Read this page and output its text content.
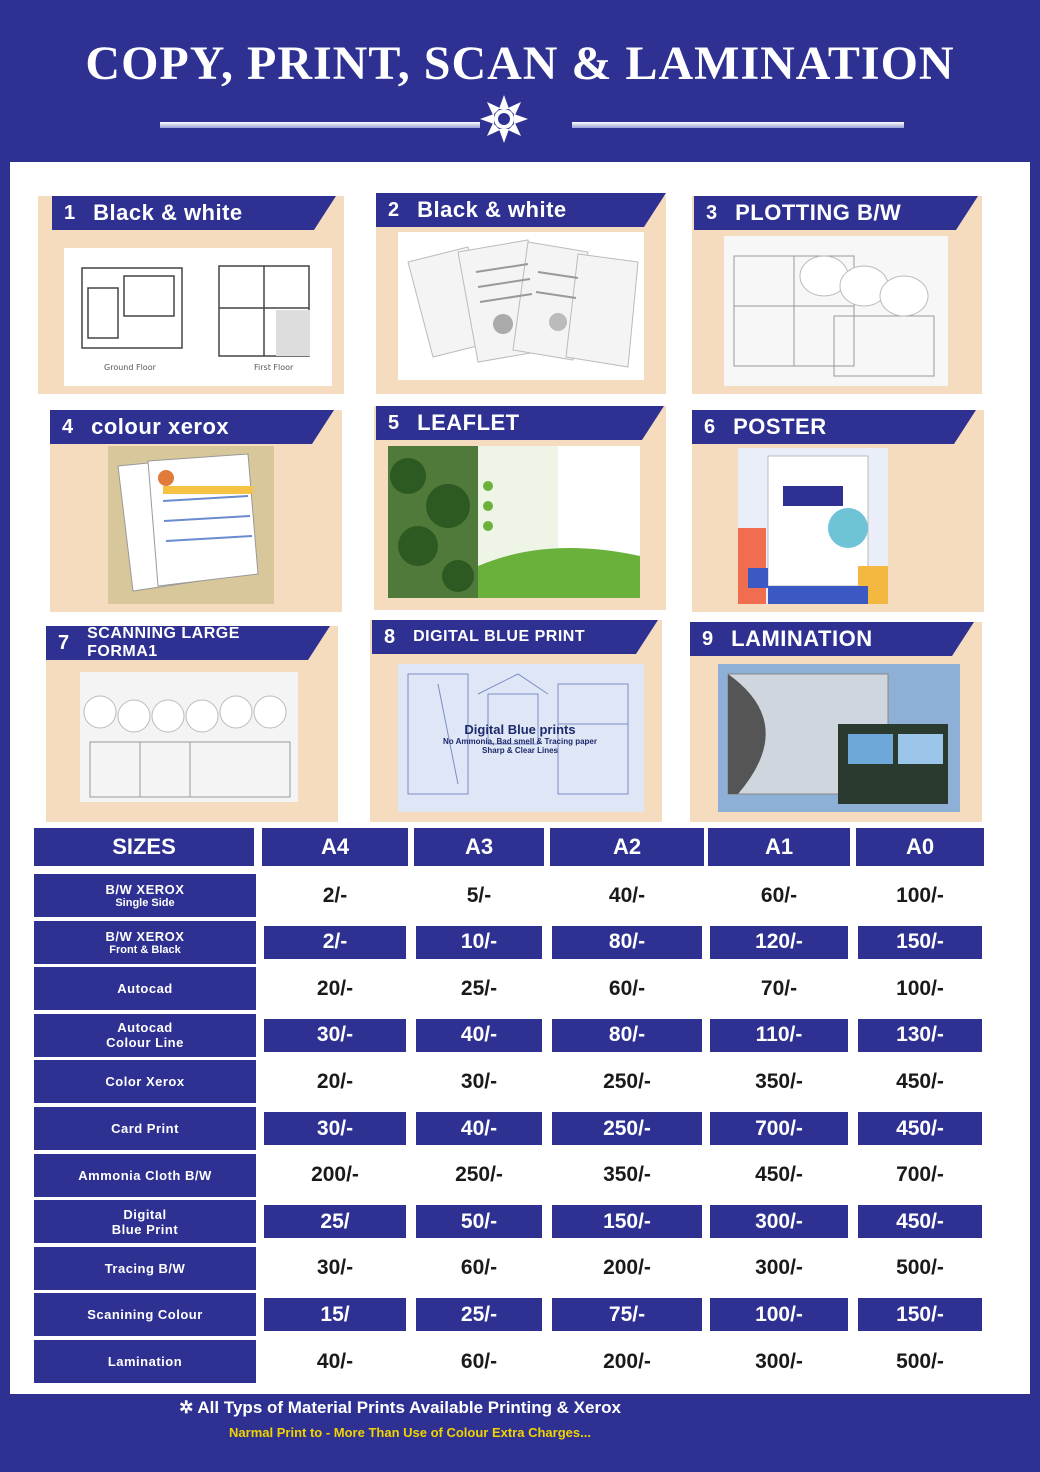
COPY, PRINT, SCAN & LAMINATION
Ground Floor	First Floor
1 Black & white	2 Black & white	3 PLOTTING B/W
4 colour xerox	5 LEAFLET	6 POSTER
7 SCANNING LARGE FORMA1
8 DIGITAL BLUE PRINT	9 LAMINATION
Digital Blue prints
No Ammonia, Bad smell & Tracing paper
Sharp & Clear Lines
SIZES	A4	A3	A2	A1	A0
B/W XEROX
Single Side	2/-	5/-	40/-	60/-	100/-
B/W XEROX
Front & Black	2/-	10/-	80/-	120/-	150/-
Autocad	20/-	25/-	60/-	70/-	100/-
Autocad
Colour Line	30/-	40/-	80/-	110/-	130/-
Color Xerox	20/-	30/-	250/-	350/-	450/-
Card Print	30/-	40/-	250/-	700/-	450/-
Ammonia Cloth B/W	200/-	250/-	350/-	450/-	700/-
Digital
Blue Print	25/	50/-	150/-	300/-	450/-
Tracing B/W	30/-	60/-	200/-	300/-	500/-
Scanining Colour	15/	25/-	75/-	100/-	150/-
Lamination	40/-	60/-	200/-	300/-	500/-
✲ All Typs of Material Prints Available Printing & Xerox
Narmal Print to - More Than Use of Colour Extra Charges...
